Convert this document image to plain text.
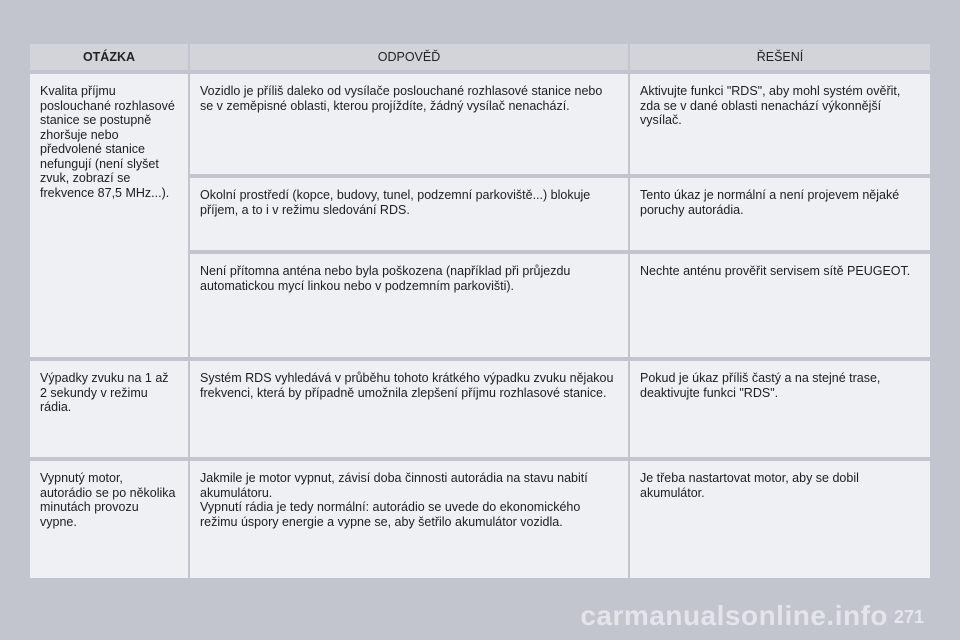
OTÁZKA	ODPOVĚĎ	ŘEŠENÍ
Kvalita příjmu poslouchané rozhlasové stanice se postupně zhoršuje nebo předvolené stanice nefungují (není slyšet zvuk, zobrazí se frekvence 87,5 MHz...).
Vozidlo je příliš daleko od vysílače poslouchané rozhlasové stanice nebo se v zeměpisné oblasti, kterou projíždíte, žádný vysílač nenachází.
Aktivujte funkci "RDS", aby mohl systém ověřit, zda se v dané oblasti nenachází výkonnější vysílač.
Okolní prostředí (kopce, budovy, tunel, podzemní parkoviště...) blokuje příjem, a to i v režimu sledování RDS.
Tento úkaz je normální a není projevem nějaké poruchy autorádia.
Není přítomna anténa nebo byla poškozena (například při průjezdu automatickou mycí linkou nebo v podzemním parkovišti).
Nechte anténu prověřit servisem sítě PEUGEOT.
Výpadky zvuku na 1 až 2 sekundy v režimu rádia.
Systém RDS vyhledává v průběhu tohoto krátkého výpadku zvuku nějakou frekvenci, která by případně umožnila zlepšení příjmu rozhlasové stanice.
Pokud je úkaz příliš častý a na stejné trase, deaktivujte funkci "RDS".
Vypnutý motor, autorádio se po několika minutách provozu vypne.
Jakmile je motor vypnut, závisí doba činnosti autorádia na stavu nabití akumulátoru.
Vypnutí rádia je tedy normální: autorádio se uvede do ekonomického režimu úspory energie a vypne se, aby šetřilo akumulátor vozidla.
Je třeba nastartovat motor, aby se dobil akumulátor.
carmanualsonline.info 271
